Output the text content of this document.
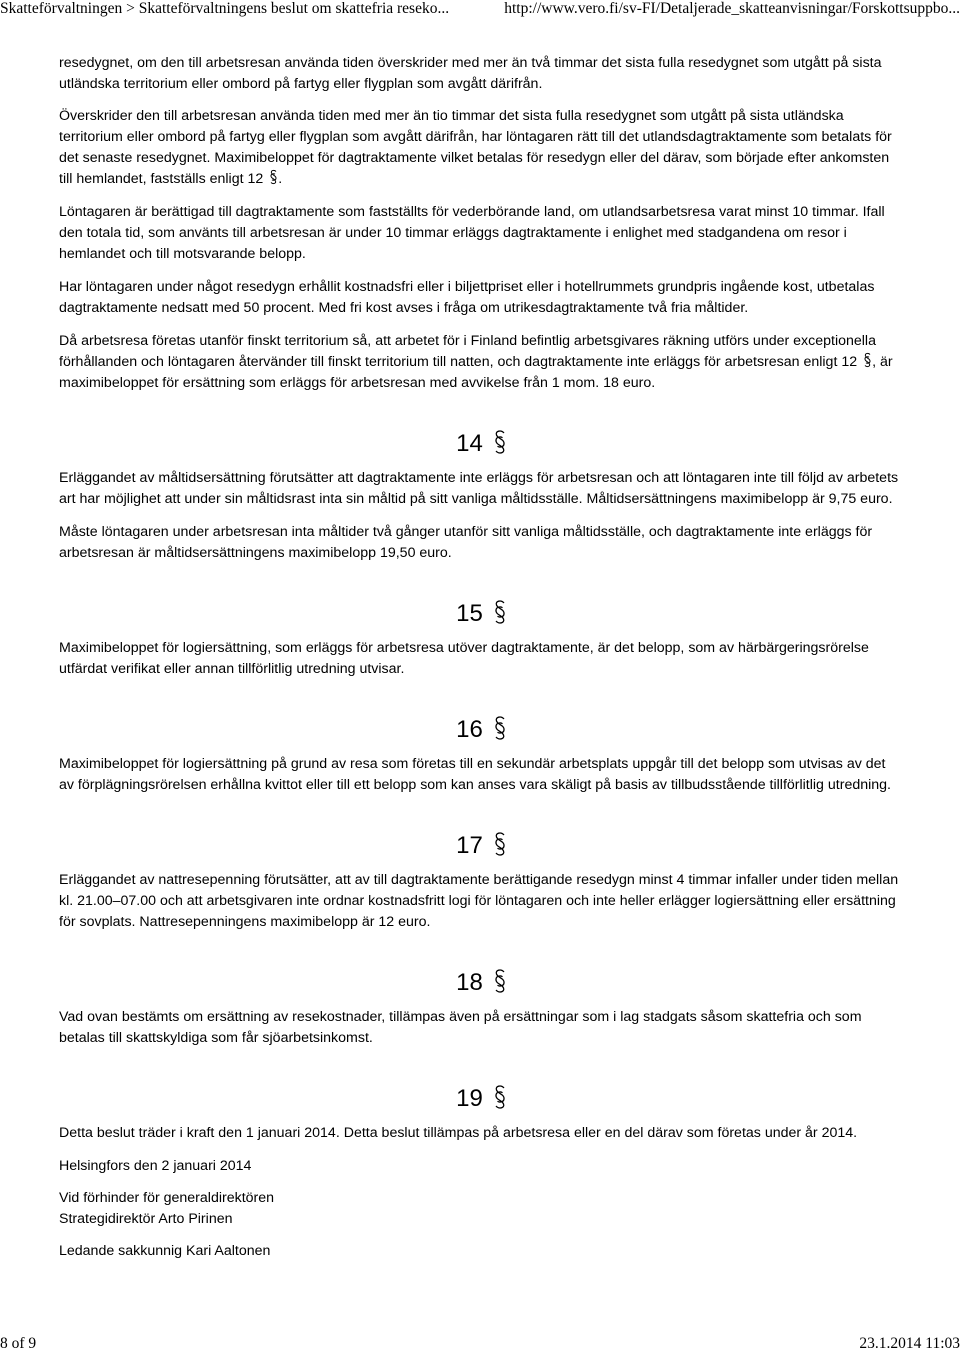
Skatteförvaltningen > Skatteförvaltningens beslut om skattefria reseko...	http://www.vero.fi/sv-FI/Detaljerade_skatteanvisningar/Forskottsuppbo...

resedygnet, om den till arbetsresan använda tiden överskrider med mer än två timmar det sista fulla resedygnet som utgått på sista utländska territorium eller ombord på fartyg eller flygplan som avgått därifrån.

Överskrider den till arbetsresan använda tiden med mer än tio timmar det sista fulla resedygnet som utgått på sista utländska territorium eller ombord på fartyg eller flygplan som avgått därifrån, har löntagaren rätt till det utlandsdagtraktamente som betalats för det senaste resedygnet. Maximibeloppet för dagtraktamente vilket betalas för resedygn eller del därav, som började efter ankomsten till hemlandet, fastställs enligt 12 .

Löntagaren är berättigad till dagtraktamente som fastställts för vederbörande land, om utlandsarbetsresa varat minst 10 timmar. Ifall den totala tid, som använts till arbetsresan är under 10 timmar erläggs dagtraktamente i enlighet med stadgandena om resor i hemlandet och till motsvarande belopp.

Har löntagaren under något resedygn erhållit kostnadsfri eller i biljettpriset eller i hotellrummets grundpris ingående kost, utbetalas dagtraktamente nedsatt med 50 procent. Med fri kost avses i fråga om utrikesdagtraktamente två fria måltider.

Då arbetsresa företas utanför finskt territorium så, att arbetet för i Finland befintlig arbetsgivares räkning utförs under exceptionella förhållanden och löntagaren återvänder till finskt territorium till natten, och dagtraktamente inte erläggs för arbetsresan enligt 12 , är maximibeloppet för ersättning som erläggs för arbetsresan med avvikelse från 1 mom. 18 euro.

14

Erläggandet av måltidsersättning förutsätter att dagtraktamente inte erläggs för arbetsresan och att löntagaren inte till följd av arbetets art har möjlighet att under sin måltidsrast inta sin måltid på sitt vanliga måltidsställe. Måltidsersättningens maximibelopp är 9,75 euro.

Måste löntagaren under arbetsresan inta måltider två gånger utanför sitt vanliga måltidsställe, och dagtraktamente inte erläggs för arbetsresan är måltidsersättningens maximibelopp 19,50 euro.

15

Maximibeloppet för logiersättning, som erläggs för arbetsresa utöver dagtraktamente, är det belopp, som av härbärgeringsrörelse utfärdat verifikat eller annan tillförlitlig utredning utvisar.

16

Maximibeloppet för logiersättning på grund av resa som företas till en sekundär arbetsplats uppgår till det belopp som utvisas av det av förplägningsrörelsen erhållna kvittot eller till ett belopp som kan anses vara skäligt på basis av tillbudsstående tillförlitlig utredning.

17

Erläggandet av nattresepenning förutsätter, att av till dagtraktamente berättigande resedygn minst 4 timmar infaller under tiden mellan kl. 21.00–07.00 och att arbetsgivaren inte ordnar kostnadsfritt logi för löntagaren och inte heller erlägger logiersättning eller ersättning för sovplats. Nattresepenningens maximibelopp är 12 euro.

18

Vad ovan bestämts om ersättning av resekostnader, tillämpas även på ersättningar som i lag stadgats såsom skattefria och som betalas till skattskyldiga som får sjöarbetsinkomst.

19

Detta beslut träder i kraft den 1 januari 2014. Detta beslut tillämpas på arbetsresa eller en del därav som företas under år 2014.

Helsingfors den 2 januari 2014

Vid förhinder för generaldirektören
Strategidirektör Arto Pirinen

Ledande sakkunnig Kari Aaltonen

8 of 9	23.1.2014 11:03
